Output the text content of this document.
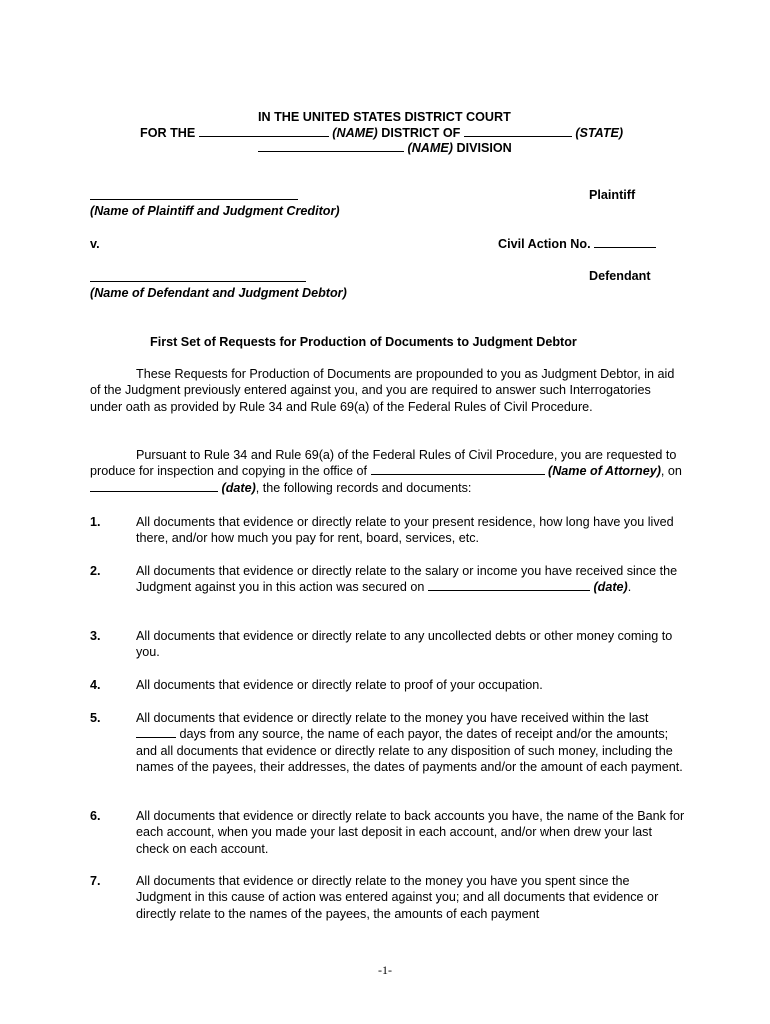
IN THE UNITED STATES DISTRICT COURT
FOR THE	(NAME) DISTRICT OF	(STATE)
(NAME) DIVISION
Plaintiff
(Name of Plaintiff and Judgment Creditor)
v.	Civil Action No.
Defendant
(Name of Defendant and Judgment Debtor)
First Set of Requests for Production of Documents to Judgment Debtor
These Requests for Production of Documents are propounded to you as Judgment Debtor, in aid of the Judgment previously entered against you, and you are required to answer such Interrogatories under oath as provided by Rule 34 and Rule 69(a) of the Federal Rules of Civil Procedure.
Pursuant to Rule 34 and Rule 69(a) of the Federal Rules of Civil Procedure, you are requested to produce for inspection and copying in the office of	(Name of Attorney), on  (date), the following records and documents:
1.	All documents that evidence or directly relate to your present residence, how long have you lived there, and/or how much you pay for rent, board, services, etc.
2.	All documents that evidence or directly relate to the salary or income you have received since the Judgment against you in this action was secured on	(date).
3.	All documents that evidence or directly relate to any uncollected debts or other money coming to you.
4.	All documents that evidence or directly relate to proof of your occupation.
5.	All documents that evidence or directly relate to the money you have received within the last  days from any source, the name of each payor, the dates of receipt and/or the amounts; and all documents that evidence or directly relate to any disposition of such money, including the names of the payees, their addresses, the dates of payments and/or the amount of each payment.
6.	All documents that evidence or directly relate to back accounts you have, the name of the Bank for each account, when you made your last deposit in each account, and/or when drew your last check on each account.
7.	All documents that evidence or directly relate to the money you have you spent since the Judgment in this cause of action was entered against you; and all documents that evidence or directly relate to the names of the payees, the amounts of each payment
-1-
